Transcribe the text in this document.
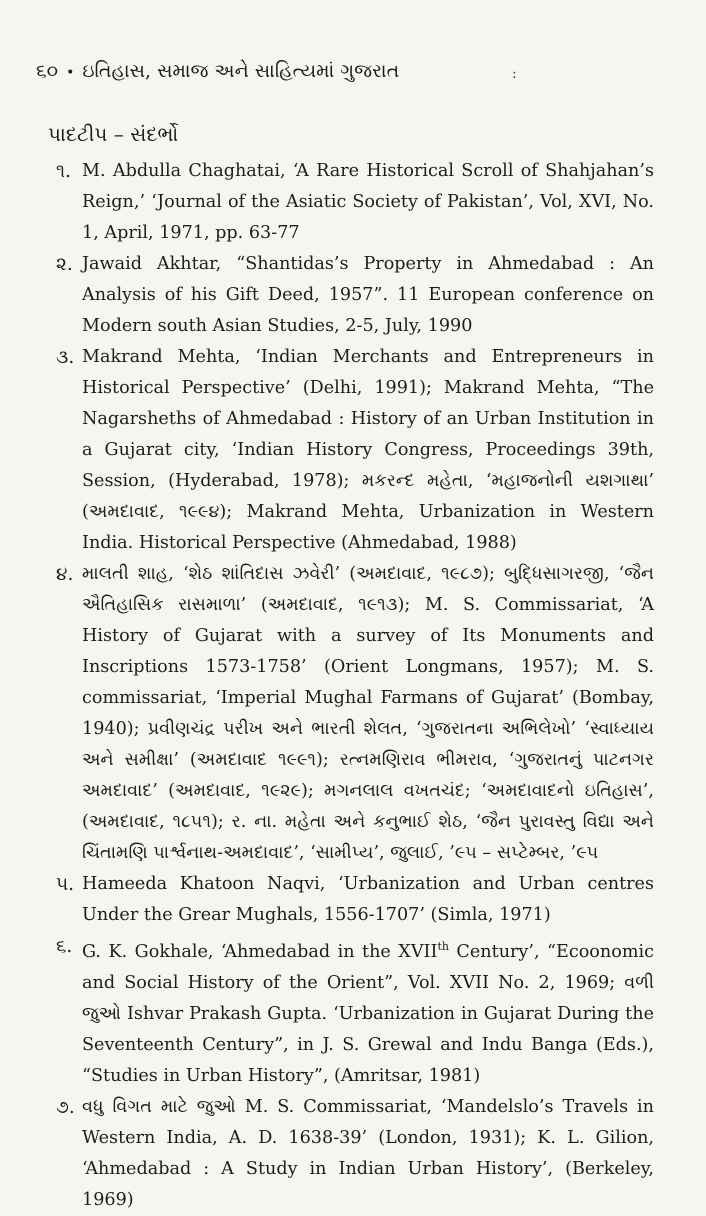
૬૦ • ઇતિહાસ, સમાજ અને સાહિત્યમાં ગુજરાત	:
પાદટીપ – સંદર્ભો
૧. M. Abdulla Chaghatai, ‘A Rare Historical Scroll of Shahjahan’s Reign,’ ‘Journal of the Asiatic Society of Pakistan’, Vol, XVI, No. 1, April, 1971, pp. 63-77
૨. Jawaid Akhtar, “Shantidas’s Property in Ahmedabad : An Analysis of his Gift Deed, 1957”. 11 European conference on Modern south Asian Studies, 2-5, July, 1990
૩. Makrand Mehta, ‘Indian Merchants and Entrepreneurs in Historical Perspective’ (Delhi, 1991); Makrand Mehta, “The Nagarsheths of Ahmedabad : History of an Urban Institution in a Gujarat city, ‘Indian History Congress, Proceedings 39th, Session, (Hyderabad, 1978); મકરન્દ મહેતા, ‘મહાજનોની યશગાથા’ (અમદાવાદ, ૧૯૯૪); Makrand Mehta, Urbanization in Western India. Historical Perspective (Ahmedabad, 1988)
૪. માલતી શાહ, ‘શેઠ શાંતિદાસ ઝવેરી’ (અમદાવાદ, ૧૯૮૭); બુદ્ધિસાગરજી, ‘જૈન ઐતિહાસિક રાસમાળા’ (અમદાવાદ, ૧૯૧૩); M. S. Commissariat, ‘A History of Gujarat with a survey of Its Monuments and Inscriptions 1573-1758’ (Orient Longmans, 1957); M. S. commissariat, ‘Imperial Mughal Farmans of Gujarat’ (Bombay, 1940); પ્રવીણચંદ્ર પરીખ અને ભારતી શેલત, ‘ગુજરાતના અભિલેખો’ ‘સ્વાધ્યાય અને સમીક્ષા’ (અમદાવાદ ૧૯૯૧); રત્નમણિરાવ ભીમરાવ, ‘ગુજરાતનું પાટનગર અમદાવાદ’ (અમદાવાદ, ૧૯૨૯); મગનલાલ વખતચંદ; ‘અમદાવાદનો ઇતિહાસ’, (અમદાવાદ, ૧૮૫૧); ર. ના. મહેતા અને કનુભાઈ શેઠ, ‘જૈન પુરાવસ્તુ વિદ્યા અને ચિંતામણિ પાર્શ્વનાથ-અમદાવાદ’, ‘સામીપ્ય’, જુલાઈ, ’૯૫ – સપ્ટેમ્બર, ’૯૫
૫. Hameeda Khatoon Naqvi, ‘Urbanization and Urban centres Under the Grear Mughals, 1556-1707’ (Simla, 1971)
૬. G. K. Gokhale, ‘Ahmedabad in the XVIIth Century’, “Ecoonomic and Social History of the Orient”, Vol. XVII No. 2, 1969; વળી જુઓ Ishvar Prakash Gupta. ‘Urbanization in Gujarat During the Seventeenth Century”, in J. S. Grewal and Indu Banga (Eds.), “Studies in Urban History”, (Amritsar, 1981)
૭. વધુ વિગત માટે જુઓ M. S. Commissariat, ‘Mandelslo’s Travels in Western India, A. D. 1638-39’ (London, 1931); K. L. Gilion, ‘Ahmedabad : A Study in Indian Urban History’, (Berkeley, 1969)
